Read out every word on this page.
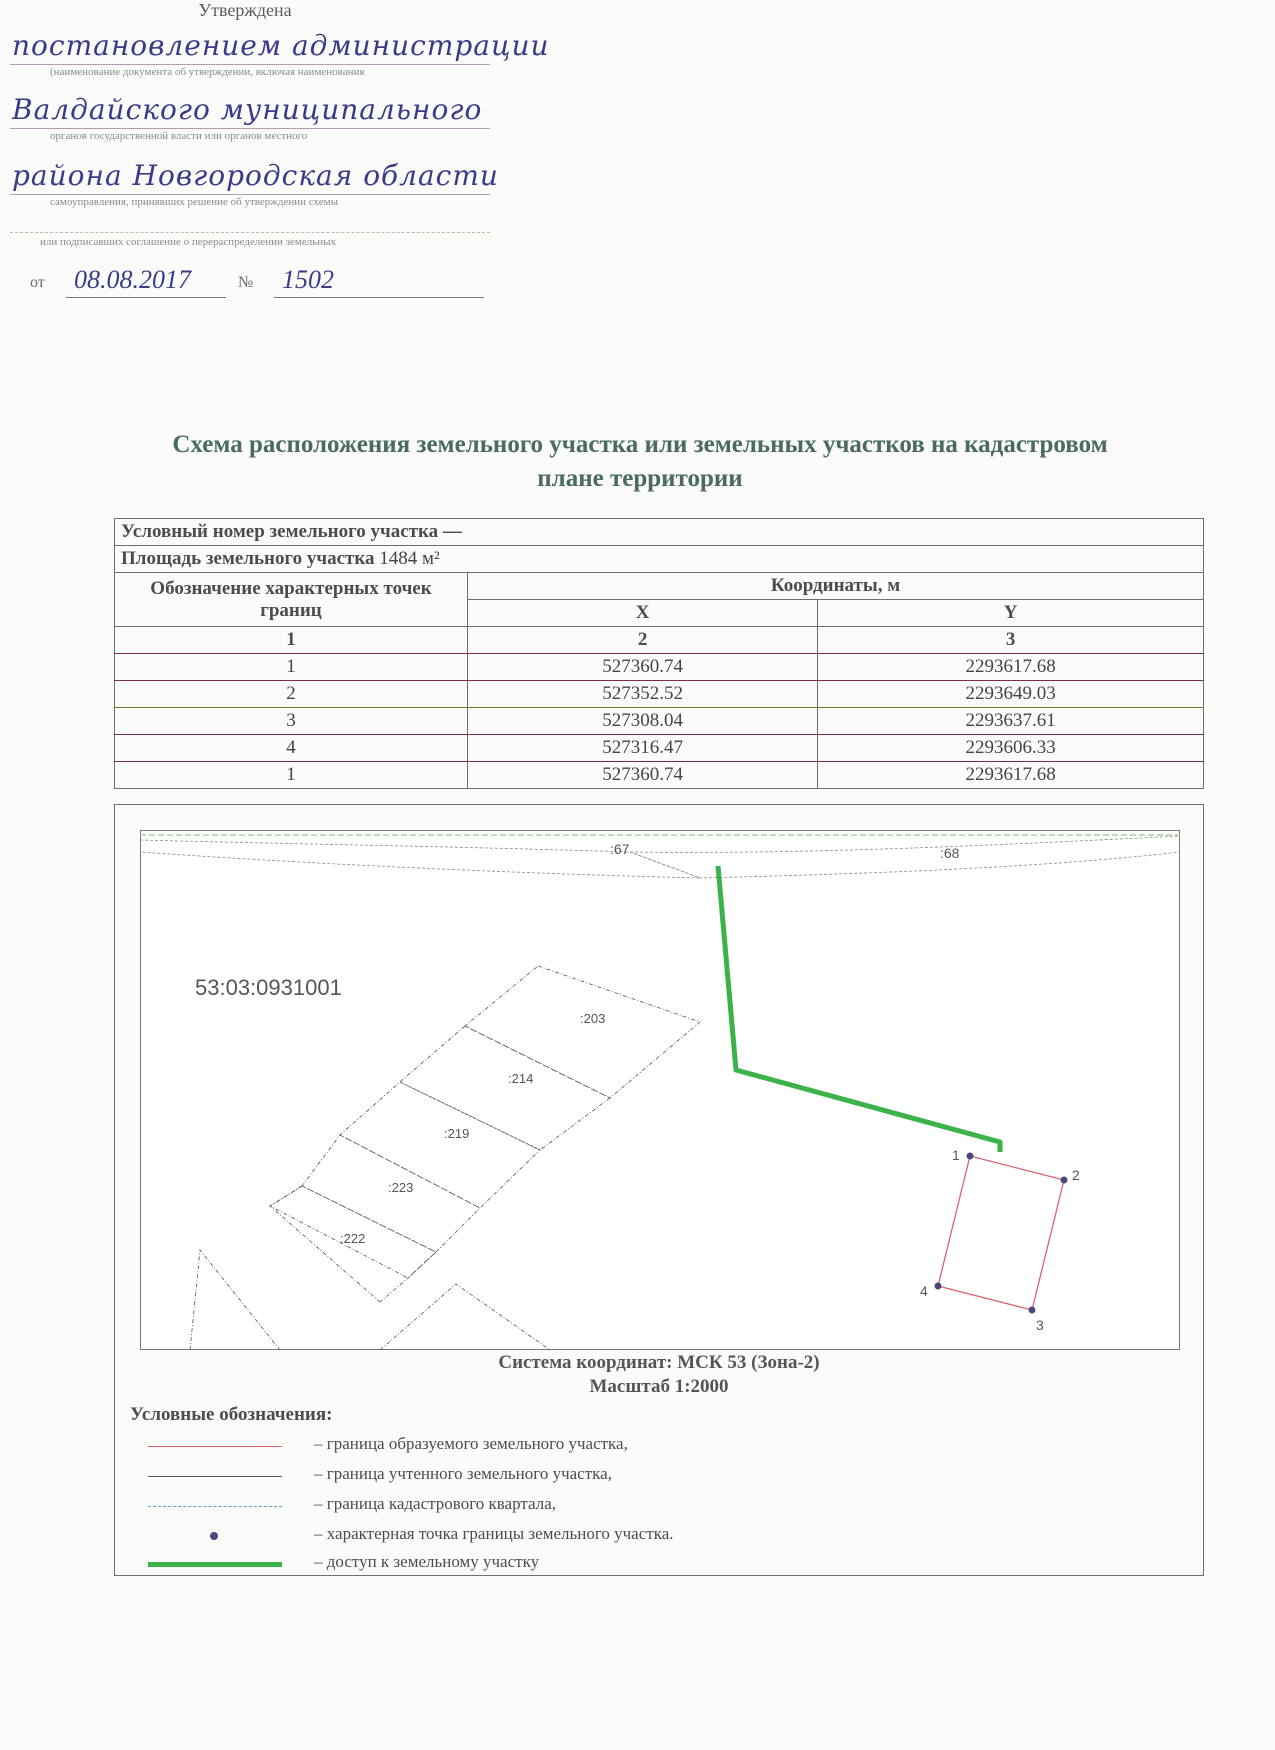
Утверждена
постановлением администрации
(наименование документа об утверждении, включая наименования
Валдайского муниципального
органов государственной власти или органов местного
района Новгородская области
самоуправления, принявших решение об утверждении схемы
или подписавших соглашение о перераспределении земельных
от 08.08.2017	№ 1502
Схема расположения земельного участка или земельных участков на кадастровом плане территории
Условный номер земельного участка —		
Площадь земельного участка 1484 м²		
Обозначение характерных точек границ	Координаты, м	
	X	Y
1	2	3
1	527360.74	2293617.68
2	527352.52	2293649.03
3	527308.04	2293637.61
4	527316.47	2293606.33
1	527360.74	2293617.68
:67	:68
53:03:0931001
:203
:214
:219
:223
:222
1
2
3
4
Система координат: МСК 53 (Зона-2)
Масштаб 1:2000
Условные обозначения:
– граница образуемого земельного участка,
– граница учтенного земельного участка,
– граница кадастрового квартала,
– характерная точка границы земельного участка.
– доступ к земельному участку
